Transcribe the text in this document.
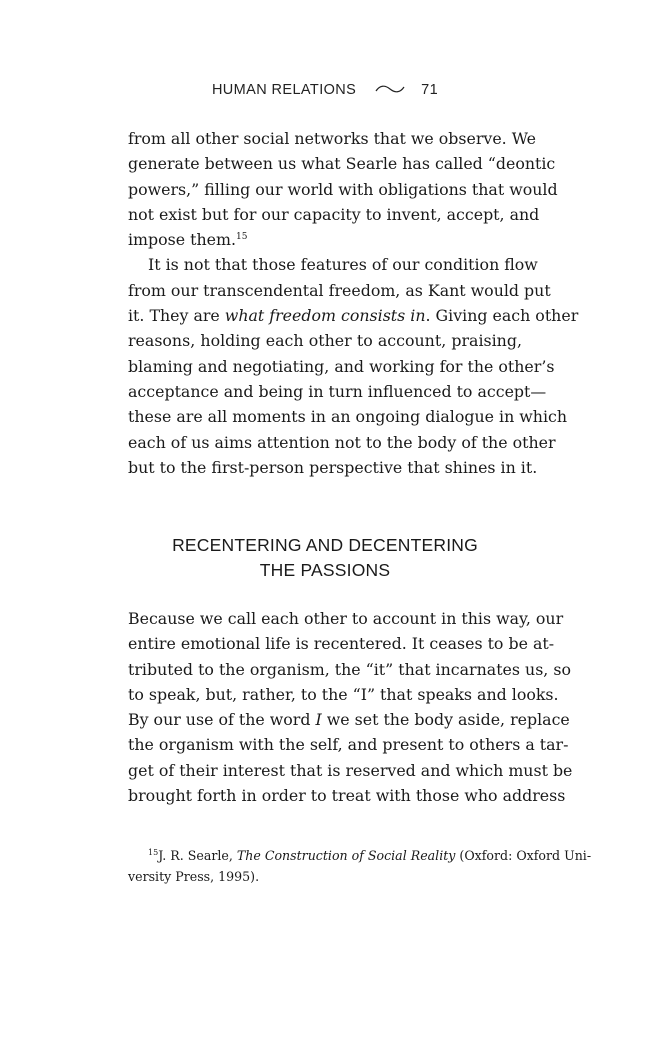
HUMAN RELATIONS	71
from all other social networks that we observe. We
generate between us what Searle has called “deontic
powers,” filling our world with obligations that would
not exist but for our capacity to invent, accept, and
impose them.$^{15}$
It is not that those features of our condition flow
from our transcendental freedom, as Kant would put
it. They are what freedom consists in. Giving each other
reasons, holding each other to account, praising,
blaming and negotiating, and working for the other’s
acceptance and being in turn influenced to accept—
these are all moments in an ongoing dialogue in which
each of us aims attention not to the body of the other
but to the first-person perspective that shines in it.
RECENTERING AND DECENTERING
THE PASSIONS
Because we call each other to account in this way, our
entire emotional life is recentered. It ceases to be at-
tributed to the organism, the “it” that incarnates us, so
to speak, but, rather, to the “I” that speaks and looks.
By our use of the word I we set the body aside, replace
the organism with the self, and present to others a tar-
get of their interest that is reserved and which must be
brought forth in order to treat with those who address
$^{15}$J. R. Searle, The Construction of Social Reality (Oxford: Oxford Uni-
versity Press, 1995).
